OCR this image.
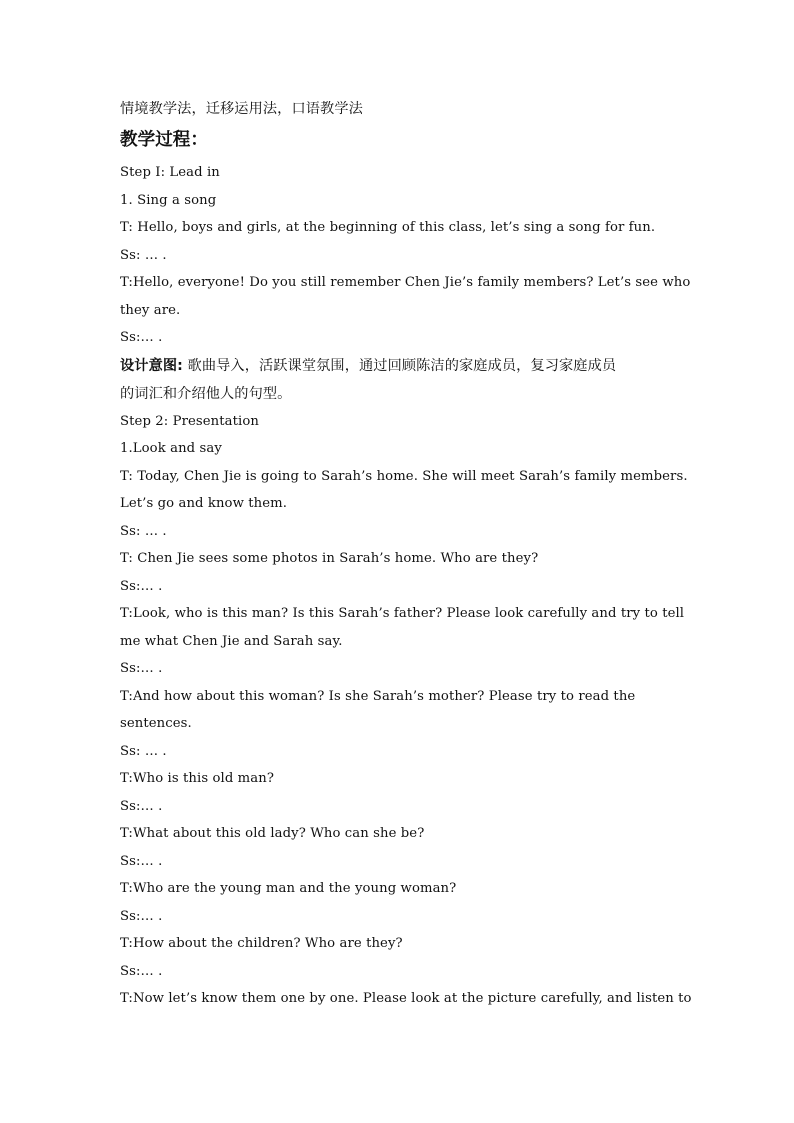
情境教学法，迁移运用法，口语教学法
教学过程：
Step I: Lead in
1. Sing a song
T: Hello, boys and girls, at the beginning of this class, let’s sing a song for fun.
Ss: … .
T:Hello, everyone! Do you still remember Chen Jie’s family members? Let’s see who
they are.
Ss:… .
设计意图: 歌曲导入，活跃课堂氛围，通过回顾陈洁的家庭成员，复习家庭成员
的词汇和介绍他人的句型。
Step 2: Presentation
1.Look and say
T: Today, Chen Jie is going to Sarah’s home. She will meet Sarah’s family members.
Let’s go and know them.
Ss: … .
T: Chen Jie sees some photos in Sarah’s home. Who are they?
Ss:… .
T:Look, who is this man? Is this Sarah’s father? Please look carefully and try to tell
me what Chen Jie and Sarah say.
Ss:… .
T:And how about this woman? Is she Sarah’s mother? Please try to read the
sentences.
Ss: … .
T:Who is this old man?
Ss:… .
T:What about this old lady? Who can she be?
Ss:… .
T:Who are the young man and the young woman?
Ss:… .
T:How about the children? Who are they?
Ss:… .
T:Now let’s know them one by one. Please look at the picture carefully, and listen to
